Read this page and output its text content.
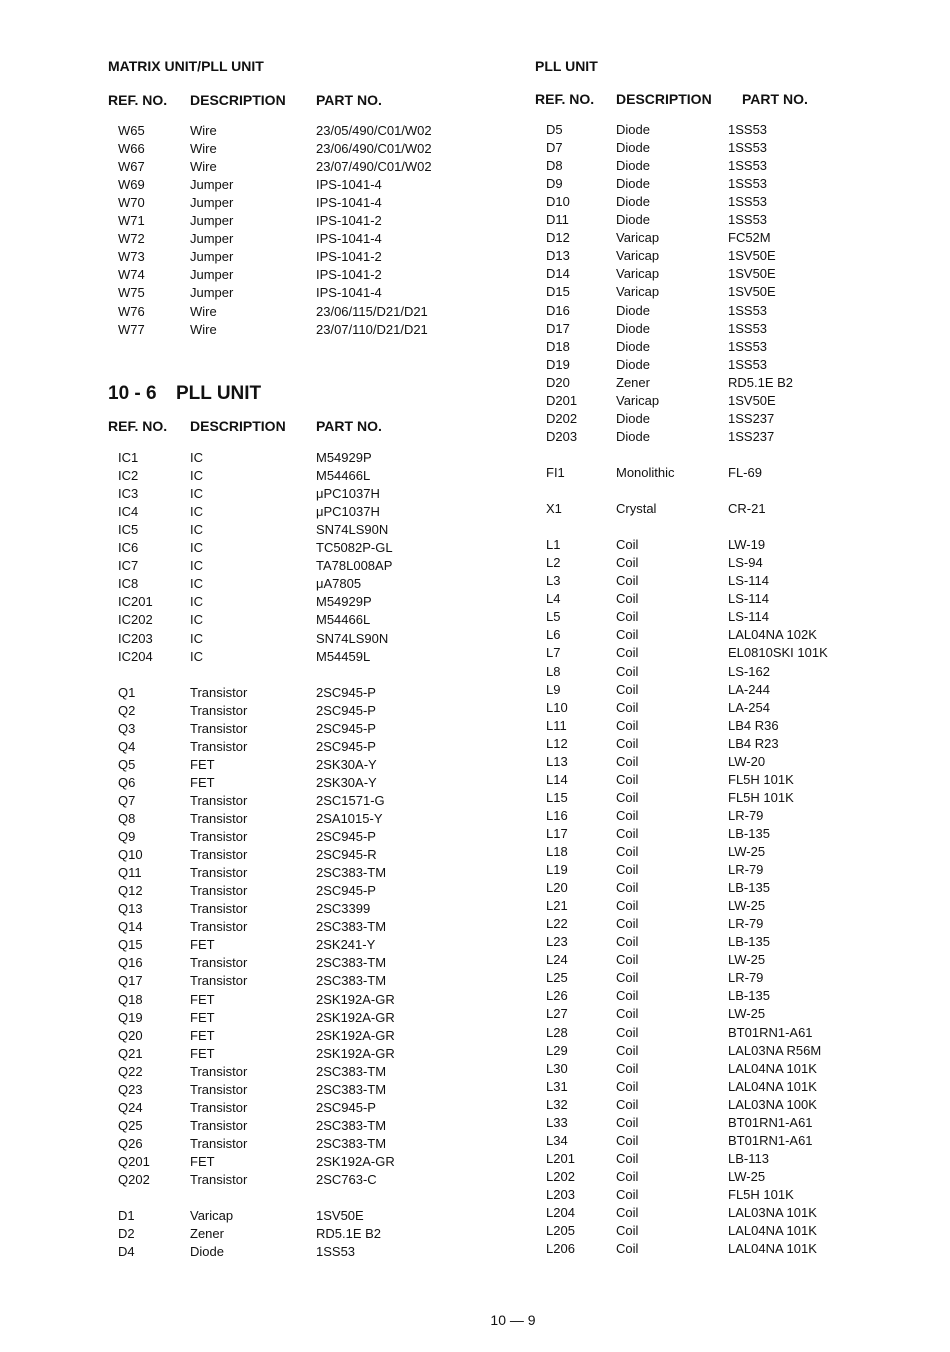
MATRIX UNIT/PLL UNIT
REF. NO. DESCRIPTION PART NO.
W65	Wire	23/05/490/C01/W02
W66	Wire	23/06/490/C01/W02
W67	Wire	23/07/490/C01/W02
W69	Jumper	IPS-1041-4
W70	Jumper	IPS-1041-4
W71	Jumper	IPS-1041-2
W72	Jumper	IPS-1041-4
W73	Jumper	IPS-1041-2
W74	Jumper	IPS-1041-2
W75	Jumper	IPS-1041-4
W76	Wire	23/06/115/D21/D21
W77	Wire	23/07/110/D21/D21
10 - 6 PLL UNIT
REF. NO. DESCRIPTION PART NO.
IC1	IC	M54929P
IC2	IC	M54466L
IC3	IC	μPC1037H
IC4	IC	μPC1037H
IC5	IC	SN74LS90N
IC6	IC	TC5082P-GL
IC7	IC	TA78L008AP
IC8	IC	μA7805
IC201	IC	M54929P
IC202	IC	M54466L
IC203	IC	SN74LS90N
IC204	IC	M54459L
Q1	Transistor	2SC945-P
Q2	Transistor	2SC945-P
Q3	Transistor	2SC945-P
Q4	Transistor	2SC945-P
Q5	FET	2SK30A-Y
Q6	FET	2SK30A-Y
Q7	Transistor	2SC1571-G
Q8	Transistor	2SA1015-Y
Q9	Transistor	2SC945-P
Q10	Transistor	2SC945-R
Q11	Transistor	2SC383-TM
Q12	Transistor	2SC945-P
Q13	Transistor	2SC3399
Q14	Transistor	2SC383-TM
Q15	FET	2SK241-Y
Q16	Transistor	2SC383-TM
Q17	Transistor	2SC383-TM
Q18	FET	2SK192A-GR
Q19	FET	2SK192A-GR
Q20	FET	2SK192A-GR
Q21	FET	2SK192A-GR
Q22	Transistor	2SC383-TM
Q23	Transistor	2SC383-TM
Q24	Transistor	2SC945-P
Q25	Transistor	2SC383-TM
Q26	Transistor	2SC383-TM
Q201	FET	2SK192A-GR
Q202	Transistor	2SC763-C
D1	Varicap	1SV50E
D2	Zener	RD5.1E B2
D4	Diode	1SS53
PLL UNIT
REF. NO. DESCRIPTION PART NO.
D5	Diode	1SS53
D7	Diode	1SS53
D8	Diode	1SS53
D9	Diode	1SS53
D10	Diode	1SS53
D11	Diode	1SS53
D12	Varicap	FC52M
D13	Varicap	1SV50E
D14	Varicap	1SV50E
D15	Varicap	1SV50E
D16	Diode	1SS53
D17	Diode	1SS53
D18	Diode	1SS53
D19	Diode	1SS53
D20	Zener	RD5.1E B2
D201	Varicap	1SV50E
D202	Diode	1SS237
D203	Diode	1SS237
FI1	Monolithic	FL-69
X1	Crystal	CR-21
L1	Coil	LW-19
L2	Coil	LS-94
L3	Coil	LS-114
L4	Coil	LS-114
L5	Coil	LS-114
L6	Coil	LAL04NA 102K
L7	Coil	EL0810SKI 101K
L8	Coil	LS-162
L9	Coil	LA-244
L10	Coil	LA-254
L11	Coil	LB4 R36
L12	Coil	LB4 R23
L13	Coil	LW-20
L14	Coil	FL5H 101K
L15	Coil	FL5H 101K
L16	Coil	LR-79
L17	Coil	LB-135
L18	Coil	LW-25
L19	Coil	LR-79
L20	Coil	LB-135
L21	Coil	LW-25
L22	Coil	LR-79
L23	Coil	LB-135
L24	Coil	LW-25
L25	Coil	LR-79
L26	Coil	LB-135
L27	Coil	LW-25
L28	Coil	BT01RN1-A61
L29	Coil	LAL03NA R56M
L30	Coil	LAL04NA 101K
L31	Coil	LAL04NA 101K
L32	Coil	LAL03NA 100K
L33	Coil	BT01RN1-A61
L34	Coil	BT01RN1-A61
L201	Coil	LB-113
L202	Coil	LW-25
L203	Coil	FL5H 101K
L204	Coil	LAL03NA 101K
L205	Coil	LAL04NA 101K
L206	Coil	LAL04NA 101K
10 — 9
